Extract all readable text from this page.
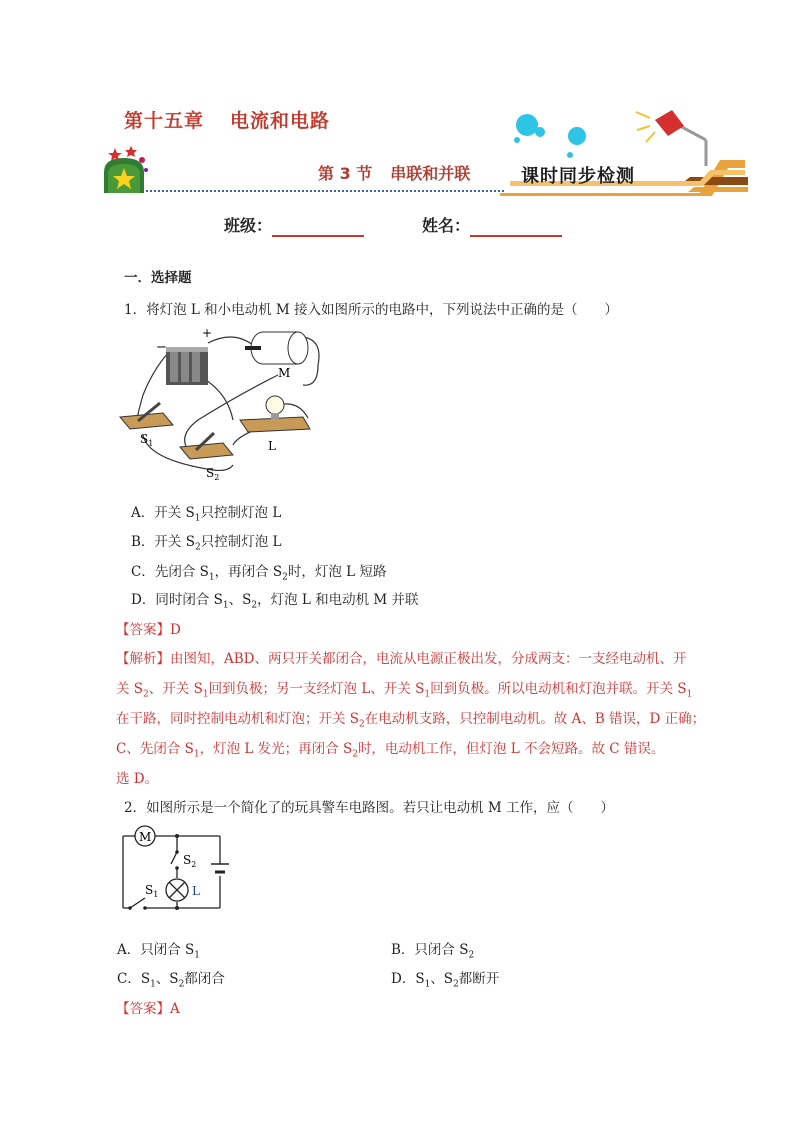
第十五章 电流和电路
第 3 节 串联和并联	课时同步检测
班级：	姓名：
一．选择题
1．将灯泡 L 和小电动机 M 接入如图所示的电路中，下列说法中正确的是（　　）
−
+
M
$S_1$
$S_2$
L
A．开关 $S_1$只控制灯泡 L
B．开关 $S_2$只控制灯泡 L
C．先闭合 $S_1$，再闭合 $S_2$时，灯泡 L 短路
D．同时闭合 $S_1$、$S_2$，灯泡 L 和电动机 M 并联
【答案】D
【解析】由图知，ABD、两只开关都闭合，电流从电源正极出发，分成两支：一支经电动机、开
关 $S_2$、开关 $S_1$回到负极；另一支经灯泡 L、开关 $S_1$回到负极。所以电动机和灯泡并联。开关 $S_1$
在干路，同时控制电动机和灯泡；开关 $S_2$在电动机支路，只控制电动机。故 A、B 错误，D 正确；
C、先闭合 $S_1$，灯泡 L 发光；再闭合 $S_2$时，电动机工作，但灯泡 L 不会短路。故 C 错误。
选 D。
2．如图所示是一个简化了的玩具警车电路图。若只让电动机 M 工作，应（　　）
M
$S_2$
$S_1$	L
A．只闭合 $S_1$	B．只闭合 $S_2$
C．$S_1$、$S_2$都闭合	D．$S_1$、$S_2$都断开
【答案】A
